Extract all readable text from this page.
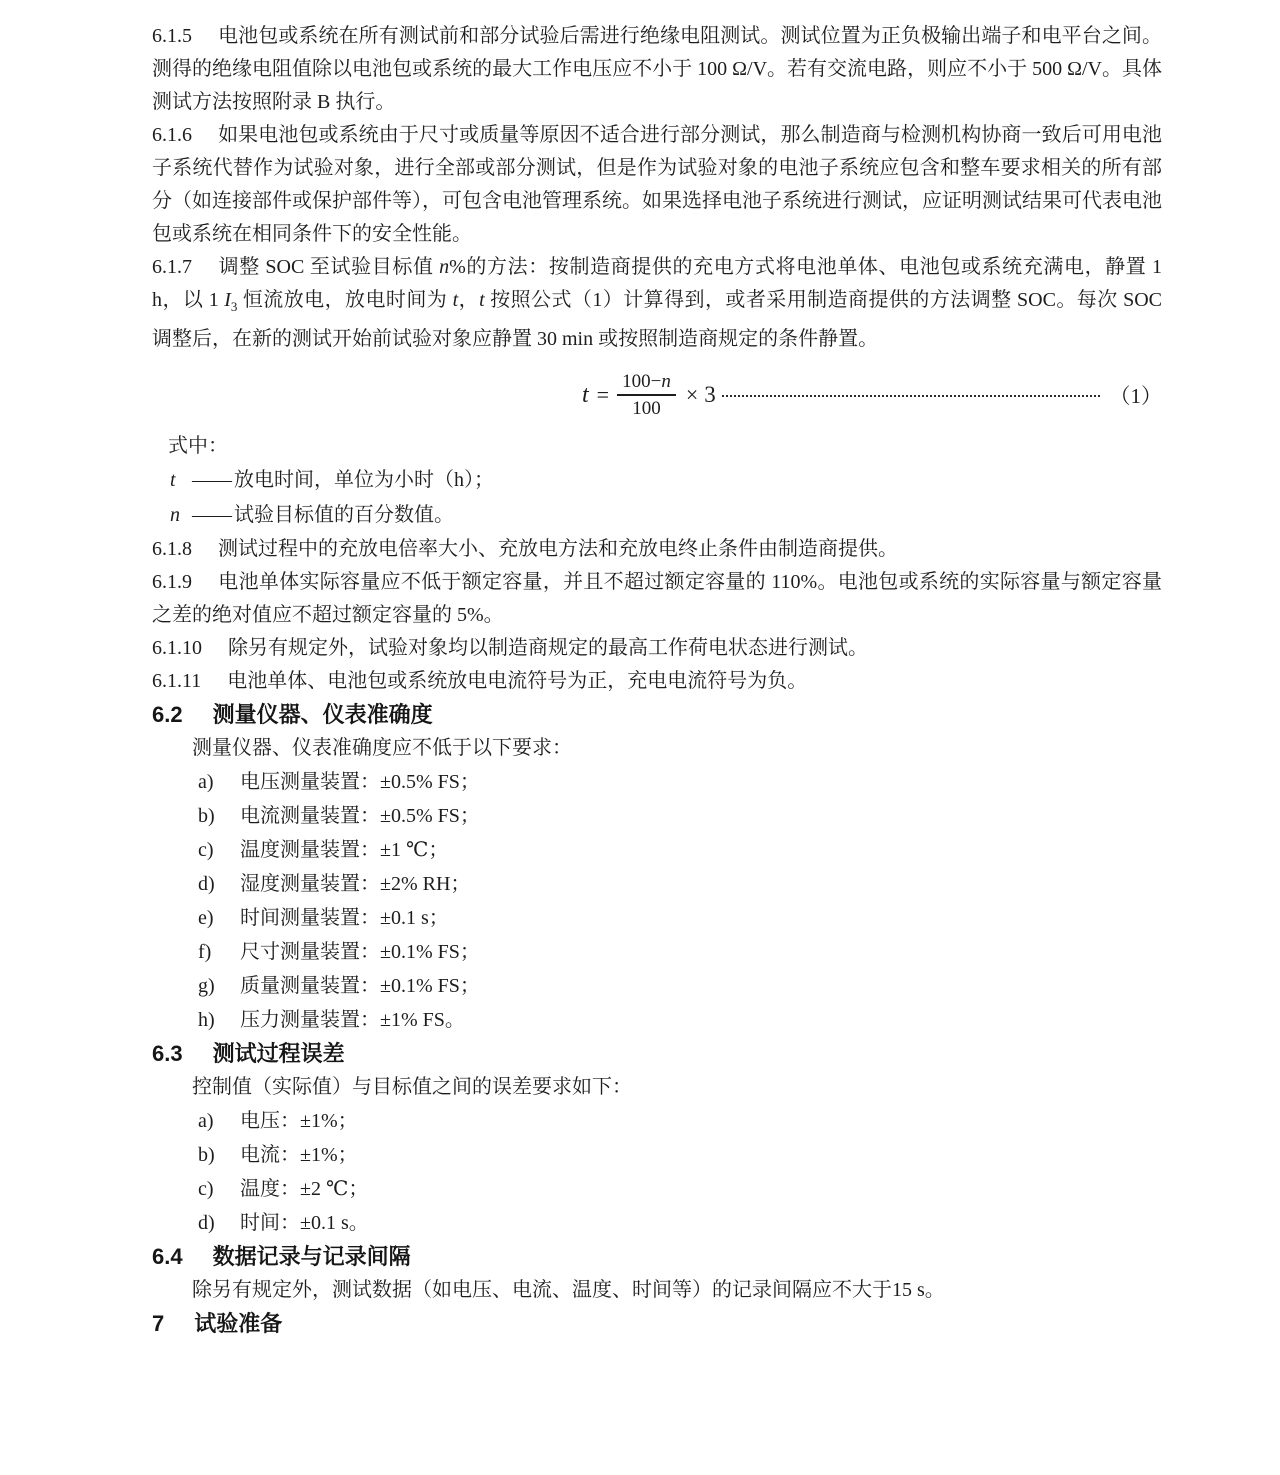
6.1.5 电池包或系统在所有测试前和部分试验后需进行绝缘电阻测试。测试位置为正负极输出端子和电平台之间。测得的绝缘电阻值除以电池包或系统的最大工作电压应不小于 100 Ω/V。若有交流电路，则应不小于 500 Ω/V。具体测试方法按照附录 B 执行。

6.1.6 如果电池包或系统由于尺寸或质量等原因不适合进行部分测试，那么制造商与检测机构协商一致后可用电池子系统代替作为试验对象，进行全部或部分测试，但是作为试验对象的电池子系统应包含和整车要求相关的所有部分（如连接部件或保护部件等），可包含电池管理系统。如果选择电池子系统进行测试，应证明测试结果可代表电池包或系统在相同条件下的安全性能。

6.1.7 调整 SOC 至试验目标值 n%的方法：按制造商提供的充电方式将电池单体、电池包或系统充满电，静置 1 h，以 1 $I_3$ 恒流放电，放电时间为 t，t 按照公式（1）计算得到，或者采用制造商提供的方法调整 SOC。每次 SOC 调整后，在新的测试开始前试验对象应静置 30 min 或按照制造商规定的条件静置。

$t = \frac{100-n}{100} \times 3$	（1）

式中：

t —— 放电时间，单位为小时（h）；

n —— 试验目标值的百分数值。

6.1.8 测试过程中的充放电倍率大小、充放电方法和充放电终止条件由制造商提供。

6.1.9 电池单体实际容量应不低于额定容量，并且不超过额定容量的 110%。电池包或系统的实际容量与额定容量之差的绝对值应不超过额定容量的 5%。

6.1.10 除另有规定外，试验对象均以制造商规定的最高工作荷电状态进行测试。

6.1.11 电池单体、电池包或系统放电电流符号为正，充电电流符号为负。

6.2 测量仪器、仪表准确度

测量仪器、仪表准确度应不低于以下要求：

a) 电压测量装置：±0.5% FS；

b) 电流测量装置：±0.5% FS；

c) 温度测量装置：±1 ℃；

d) 湿度测量装置：±2% RH；

e) 时间测量装置：±0.1 s；

f) 尺寸测量装置：±0.1% FS；

g) 质量测量装置：±0.1% FS；

h) 压力测量装置：±1% FS。

6.3 测试过程误差

控制值（实际值）与目标值之间的误差要求如下：

a) 电压：±1%；

b) 电流：±1%；

c) 温度：±2 ℃；

d) 时间：±0.1 s。

6.4 数据记录与记录间隔

除另有规定外，测试数据（如电压、电流、温度、时间等）的记录间隔应不大于15 s。

7 试验准备
